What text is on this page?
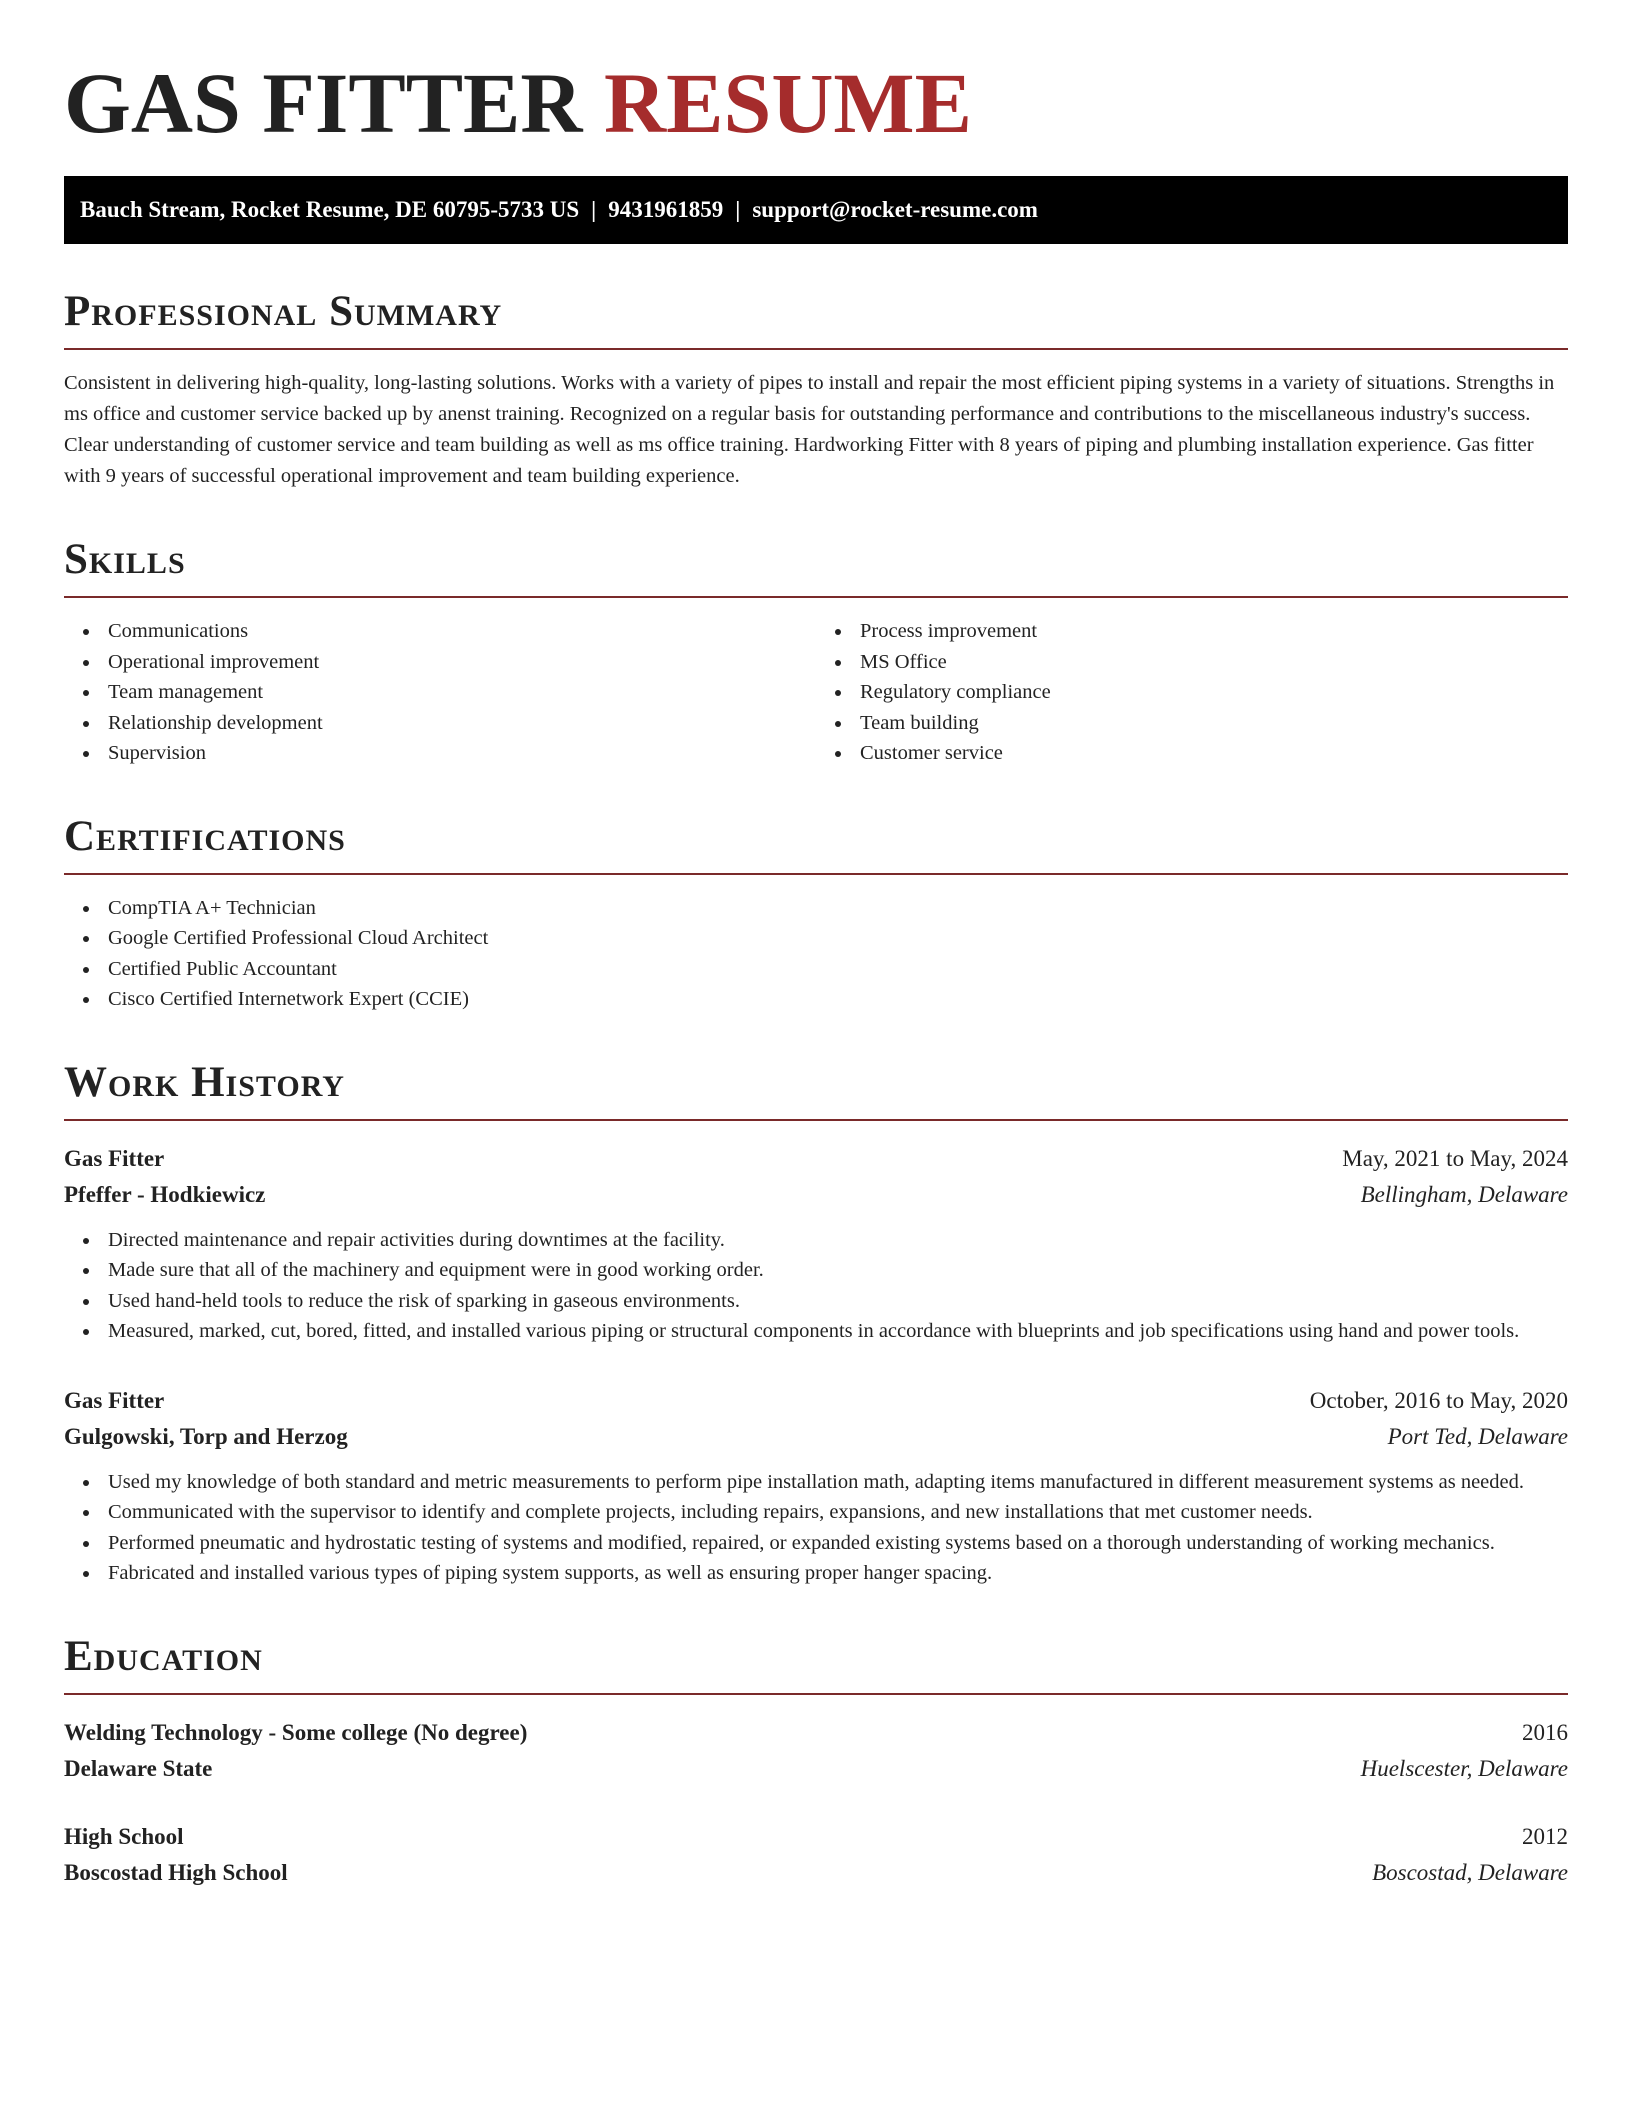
GAS FITTER RESUME
Bauch Stream, Rocket Resume, DE 60795-5733 US | 9431961859 | support@rocket-resume.com
Professional Summary

Consistent in delivering high-quality, long-lasting solutions. Works with a variety of pipes to install and repair the most efficient piping systems in a variety of situations. Strengths in ms office and customer service backed up by anenst training. Recognized on a regular basis for outstanding performance and contributions to the miscellaneous industry's success. Clear understanding of customer service and team building as well as ms office training. Hardworking Fitter with 8 years of piping and plumbing installation experience. Gas fitter with 9 years of successful operational improvement and team building experience.

Skills
Communications
Operational improvement
Team management
Relationship development
Supervision
Process improvement
MS Office
Regulatory compliance
Team building
Customer service
Certifications
CompTIA A+ Technician
Google Certified Professional Cloud Architect
Certified Public Accountant
Cisco Certified Internetwork Expert (CCIE)
Work History
Gas Fitter	May, 2021 to May, 2024
Pfeffer - Hodkiewicz	Bellingham, Delaware
Directed maintenance and repair activities during downtimes at the facility.
Made sure that all of the machinery and equipment were in good working order.
Used hand-held tools to reduce the risk of sparking in gaseous environments.
Measured, marked, cut, bored, fitted, and installed various piping or structural components in accordance with blueprints and job specifications using hand and power tools.
Gas Fitter	October, 2016 to May, 2020
Gulgowski, Torp and Herzog	Port Ted, Delaware
Used my knowledge of both standard and metric measurements to perform pipe installation math, adapting items manufactured in different measurement systems as needed.
Communicated with the supervisor to identify and complete projects, including repairs, expansions, and new installations that met customer needs.
Performed pneumatic and hydrostatic testing of systems and modified, repaired, or expanded existing systems based on a thorough understanding of working mechanics.
Fabricated and installed various types of piping system supports, as well as ensuring proper hanger spacing.
Education
Welding Technology - Some college (No degree)	2016
Delaware State	Huelscester, Delaware
High School	2012
Boscostad High School	Boscostad, Delaware
